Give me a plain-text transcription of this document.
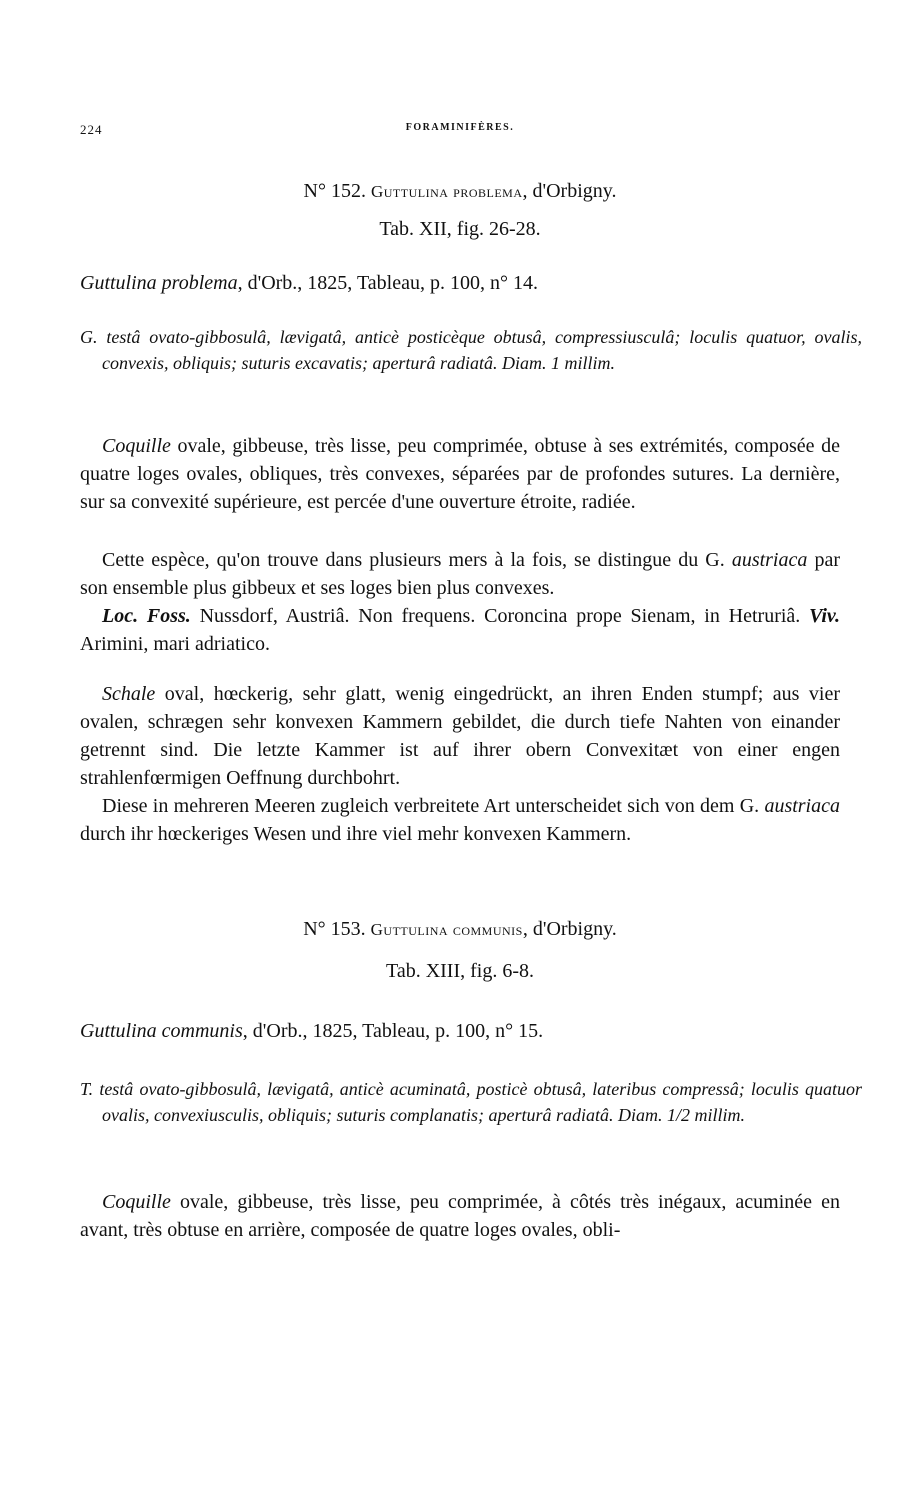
224	FORAMINIFÈRES.
N° 152. Guttulina problema, d'Orbigny.
Tab. XII, fig. 26-28.
Guttulina problema, d'Orb., 1825, Tableau, p. 100, n° 14.
G. testâ ovato-gibbosulâ, lævigatâ, anticè posticèque obtusâ, compressiusculâ; loculis quatuor, ovalis, convexis, obliquis; suturis excavatis; aperturâ radiatâ. Diam. 1 millim.
Coquille ovale, gibbeuse, très lisse, peu comprimée, obtuse à ses extrémités, composée de quatre loges ovales, obliques, très convexes, séparées par de profondes sutures. La dernière, sur sa convexité supérieure, est percée d'une ouverture étroite, radiée.
Cette espèce, qu'on trouve dans plusieurs mers à la fois, se distingue du G. austriaca par son ensemble plus gibbeux et ses loges bien plus convexes.
Loc. Foss. Nussdorf, Austriâ. Non frequens. Coroncina prope Sienam, in Hetruriâ. Viv. Arimini, mari adriatico.
Schale oval, hœckerig, sehr glatt, wenig eingedrückt, an ihren Enden stumpf; aus vier ovalen, schrægen sehr konvexen Kammern gebildet, die durch tiefe Nahten von einander getrennt sind. Die letzte Kammer ist auf ihrer obern Convexitæt von einer engen strahlenfœrmigen Oeffnung durchbohrt.
Diese in mehreren Meeren zugleich verbreitete Art unterscheidet sich von dem G. austriaca durch ihr hœckeriges Wesen und ihre viel mehr konvexen Kammern.
N° 153. Guttulina communis, d'Orbigny.
Tab. XIII, fig. 6-8.
Guttulina communis, d'Orb., 1825, Tableau, p. 100, n° 15.
T. testâ ovato-gibbosulâ, lævigatâ, anticè acuminatâ, posticè obtusâ, lateribus compressâ; loculis quatuor ovalis, convexiusculis, obliquis; suturis complanatis; aperturâ radiatâ. Diam. 1/2 millim.
Coquille ovale, gibbeuse, très lisse, peu comprimée, à côtés très inégaux, acuminée en avant, très obtuse en arrière, composée de quatre loges ovales, obli-
